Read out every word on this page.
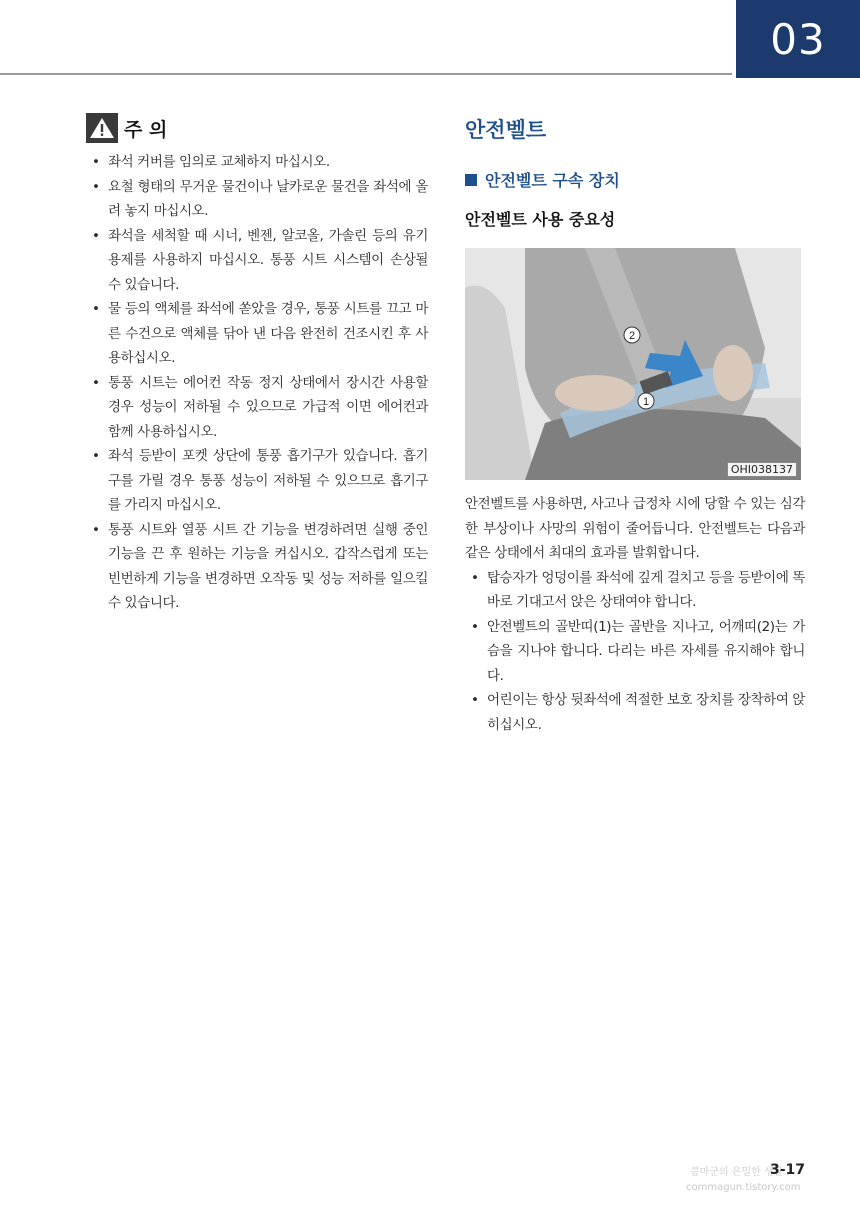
03
주 의
• 좌석 커버를 임의로 교체하지 마십시오.
• 요철 형태의 무거운 물건이나 날카로운 물건을 좌석에 올려 놓지 마십시오.
• 좌석을 세척할 때 시너, 벤젠, 알코올, 가솔린 등의 유기용제를 사용하지 마십시오. 통풍 시트 시스템이 손상될 수 있습니다.
• 물 등의 액체를 좌석에 쏟았을 경우, 통풍 시트를 끄고 마른 수건으로 액체를 닦아 낸 다음 완전히 건조시킨 후 사용하십시오.
• 통풍 시트는 에어컨 작동 정지 상태에서 장시간 사용할 경우 성능이 저하될 수 있으므로 가급적 이면 에어컨과 함께 사용하십시오.
• 좌석 등받이 포켓 상단에 통풍 흡기구가 있습니다. 흡기구를 가릴 경우 통풍 성능이 저하될 수 있으므로 흡기구를 가리지 마십시오.
• 통풍 시트와 열풍 시트 간 기능을 변경하려면 실행 중인 기능을 끈 후 원하는 기능을 켜십시오. 갑작스럽게 또는 빈번하게 기능을 변경하면 오작동 및 성능 저하를 일으킬 수 있습니다.
안전벨트
안전벨트 구속 장치
안전벨트 사용 중요성
2
1
OHI038137

안전벨트를 사용하면, 사고나 급정차 시에 당할 수 있는 심각한 부상이나 사망의 위험이 줄어듭니다. 안전벨트는 다음과 같은 상태에서 최대의 효과를 발휘합니다.

• 탑승자가 엉덩이를 좌석에 깊게 걸치고 등을 등받이에 똑바로 기대고서 앉은 상태여야 합니다.
• 안전벨트의 골반띠(1)는 골반을 지나고, 어깨띠(2)는 가슴을 지나야 합니다. 다리는 바른 자세를 유지해야 합니다.
• 어린이는 항상 뒷좌석에 적절한 보호 장치를 장착하여 앉히십시오.
콤마군의 은밀한 생활
commagun.tistory.com
3-17
